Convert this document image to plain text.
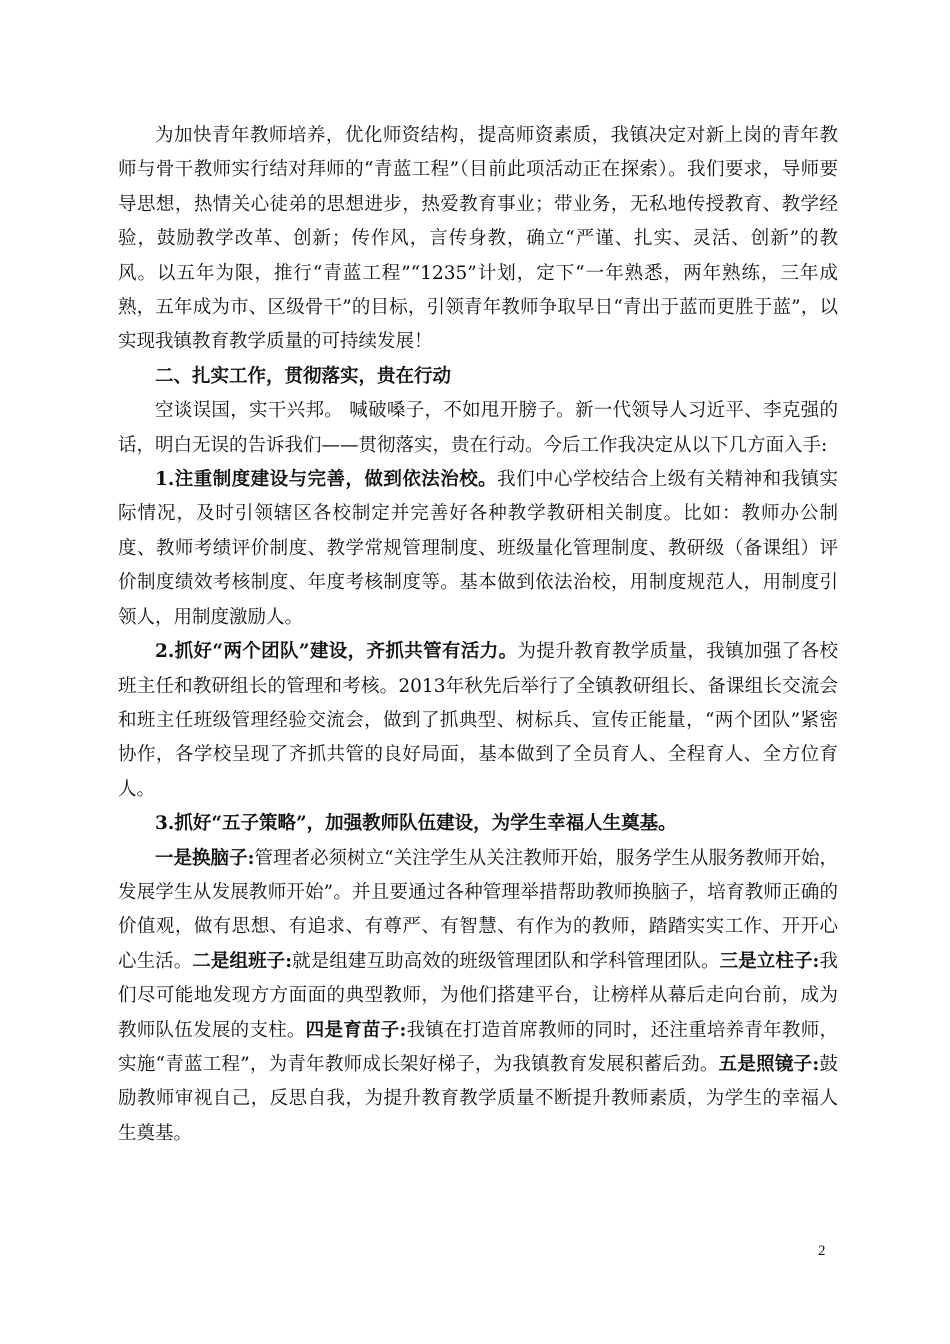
为加快青年教师培养，优化师资结构，提高师资素质，我镇决定对新上岗的青年教师与骨干教师实行结对拜师的“青蓝工程”（目前此项活动正在探索）。我们要求，导师要导思想，热情关心徒弟的思想进步，热爱教育事业；带业务，无私地传授教育、教学经验，鼓励教学改革、创新；传作风，言传身教，确立“严谨、扎实、灵活、创新”的教风。以五年为限，推行“青蓝工程”“1235”计划，定下“一年熟悉，两年熟练，三年成熟，五年成为市、区级骨干”的目标，引领青年教师争取早日“青出于蓝而更胜于蓝”，以实现我镇教育教学质量的可持续发展！

二、扎实工作，贯彻落实，贵在行动

空谈误国，实干兴邦。 喊破嗓子，不如甩开膀子。新一代领导人习近平、李克强的话，明白无误的告诉我们——贯彻落实，贵在行动。今后工作我决定从以下几方面入手:

1.注重制度建设与完善，做到依法治校。我们中心学校结合上级有关精神和我镇实际情况，及时引领辖区各校制定并完善好各种教学教研相关制度。比如：教师办公制度、教师考绩评价制度、教学常规管理制度、班级量化管理制度、教研级（备课组）评价制度绩效考核制度、年度考核制度等。基本做到依法治校，用制度规范人，用制度引领人，用制度激励人。

2.抓好“两个团队”建设，齐抓共管有活力。为提升教育教学质量，我镇加强了各校班主任和教研组长的管理和考核。2013年秋先后举行了全镇教研组长、备课组长交流会和班主任班级管理经验交流会，做到了抓典型、树标兵、宣传正能量，“两个团队”紧密协作，各学校呈现了齐抓共管的良好局面，基本做到了全员育人、全程育人、全方位育人。

3.抓好“五子策略”，加强教师队伍建设，为学生幸福人生奠基。

一是换脑子:管理者必须树立“关注学生从关注教师开始，服务学生从服务教师开始，发展学生从发展教师开始”。并且要通过各种管理举措帮助教师换脑子，培育教师正确的价值观，做有思想、有追求、有尊严、有智慧、有作为的教师，踏踏实实工作、开开心心生活。二是组班子:就是组建互助高效的班级管理团队和学科管理团队。三是立柱子:我们尽可能地发现方方面面的典型教师，为他们搭建平台，让榜样从幕后走向台前，成为教师队伍发展的支柱。四是育苗子:我镇在打造首席教师的同时，还注重培养青年教师，实施“青蓝工程”，为青年教师成长架好梯子，为我镇教育发展积蓄后劲。五是照镜子:鼓励教师审视自己，反思自我，为提升教育教学质量不断提升教师素质，为学生的幸福人生奠基。

2
